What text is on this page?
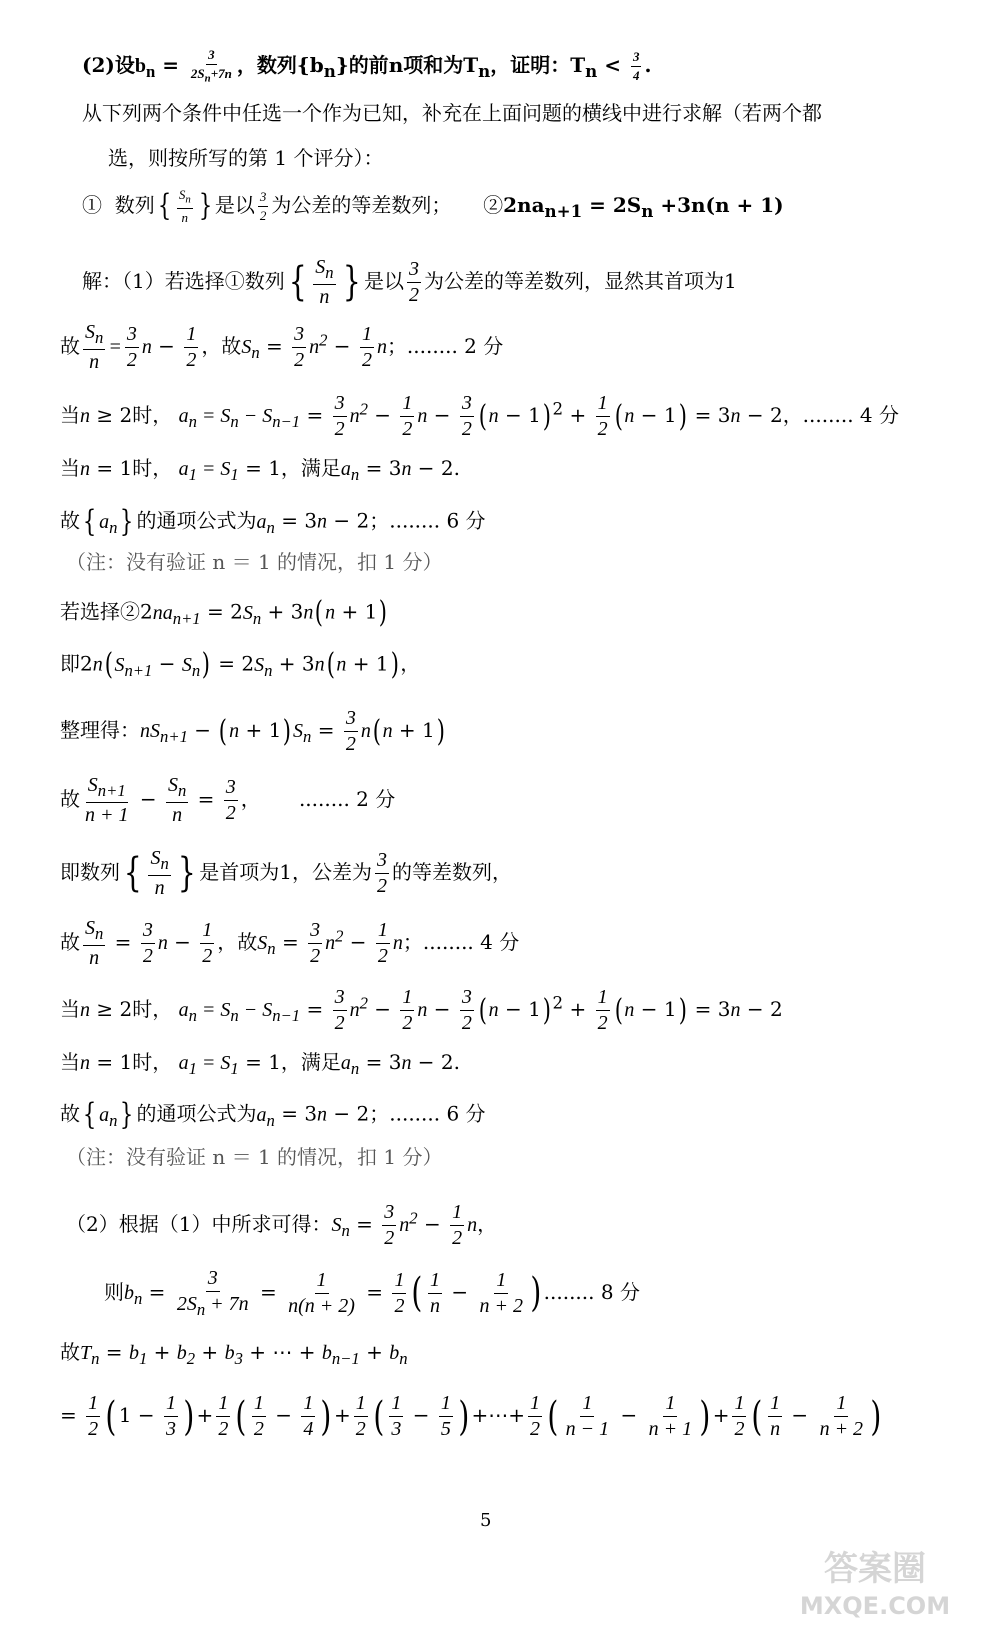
(2)设$b_n = \frac{3}{2S_n+7n}$ ，数列$\{b_n\}$的前n项和为$T_n$，证明：$T_n < \frac{3}{4}$ .
从下列两个条件中任选一个作为已知，补充在上面问题的横线中进行求解（若两个都
选，则按所写的第 1 个评分）：
① 数列{ $\frac{S_n}{n}$ } 是以 $\frac{3}{2}$ 为公差的等差数列； $②2na_{n+1} = 2S_n +3n(n + 1)$
解：（1）若选择①数列{ $\frac{S_n}{n}$ } 是以 $\frac{3}{2}$ 为公差的等差数列，显然其首项为1
故 $\frac{S_n}{n} = \frac{3}{2}$ $n - \frac{1}{2}$ ，故$S_n = \frac{3}{2} n^2 - \frac{1}{2}$ n；........ 2 分
当n ≥ 2时， $a_n = S_n - S_{n-1} = \frac{3}{2} n^2 - \frac{1}{2}$ $n - \frac{3}{2} (n - 1) ^2 + \frac{1}{2} (n - 1) = 3n - 2$，........ 4 分
当n = 1时， $a_1 = S_1 = 1$，满足$a_n = 3n - 2$.
故{ $a_n$} 的通项公式为$a_n = 3n - 2$；........ 6 分
（注：没有验证 n ＝ 1 的情况，扣 1 分）
若选择$②2na_{n+1} = 2S_n + 3n(n + 1)$
即$2n(S_{n+1} - S_n) = 2S_n + 3n(n + 1)$，
整理得：$nS_{n+1} - (n + 1)S_n = \frac{3}{2} n(n + 1)$
故 $\frac{S_{n+1}}{n + 1} - \frac{S_n}{n} = \frac{3}{2}$ ，      ........ 2 分
即数列{ $\frac{S_n}{n}$ } 是首项为1，公差为 $\frac{3}{2}$ 的等差数列，
故 $\frac{S_n}{n} = \frac{3}{2}$ $n - \frac{1}{2}$ ，故$S_n = \frac{3}{2} n^2 - \frac{1}{2}$ n；........ 4 分
当n ≥ 2时， $a_n = S_n - S_{n-1} = \frac{3}{2} n^2 - \frac{1}{2}$ $n - \frac{3}{2} (n - 1) ^2 + \frac{1}{2} (n - 1) = 3n - 2$
当n = 1时， $a_1 = S_1 = 1$，满足$a_n = 3n - 2$.
故{ $a_n$} 的通项公式为$a_n = 3n - 2$；........ 6 分
（注：没有验证 n ＝ 1 的情况，扣 1 分）
（2）根据（1）中所求可得：$S_n = \frac{3}{2} n^2 - \frac{1}{2}$ n，
则$b_n = \frac{3}{2S_n + 7n} = \frac{1}{n(n + 2)} = \frac{1}{2}$ ( $\frac{1}{n} - \frac{1}{n + 2}$ ) ........ 8 分
故$T_n = b_1 + b_2 + b_3$ + ⋯ + $b_{n-1} + b_n$
= $\frac{1}{2}$ ( $1 - \frac{1}{3}$ ) + $\frac{1}{2}$ ( $\frac{1}{2} - \frac{1}{4}$ ) + $\frac{1}{2}$ ( $\frac{1}{3} - \frac{1}{5}$ ) +⋯+ $\frac{1}{2}$ ( $\frac{1}{n - 1} - \frac{1}{n + 1}$ ) + $\frac{1}{2}$ ( $\frac{1}{n} - \frac{1}{n + 2}$ )
5
答案圈
MXQE.COM
